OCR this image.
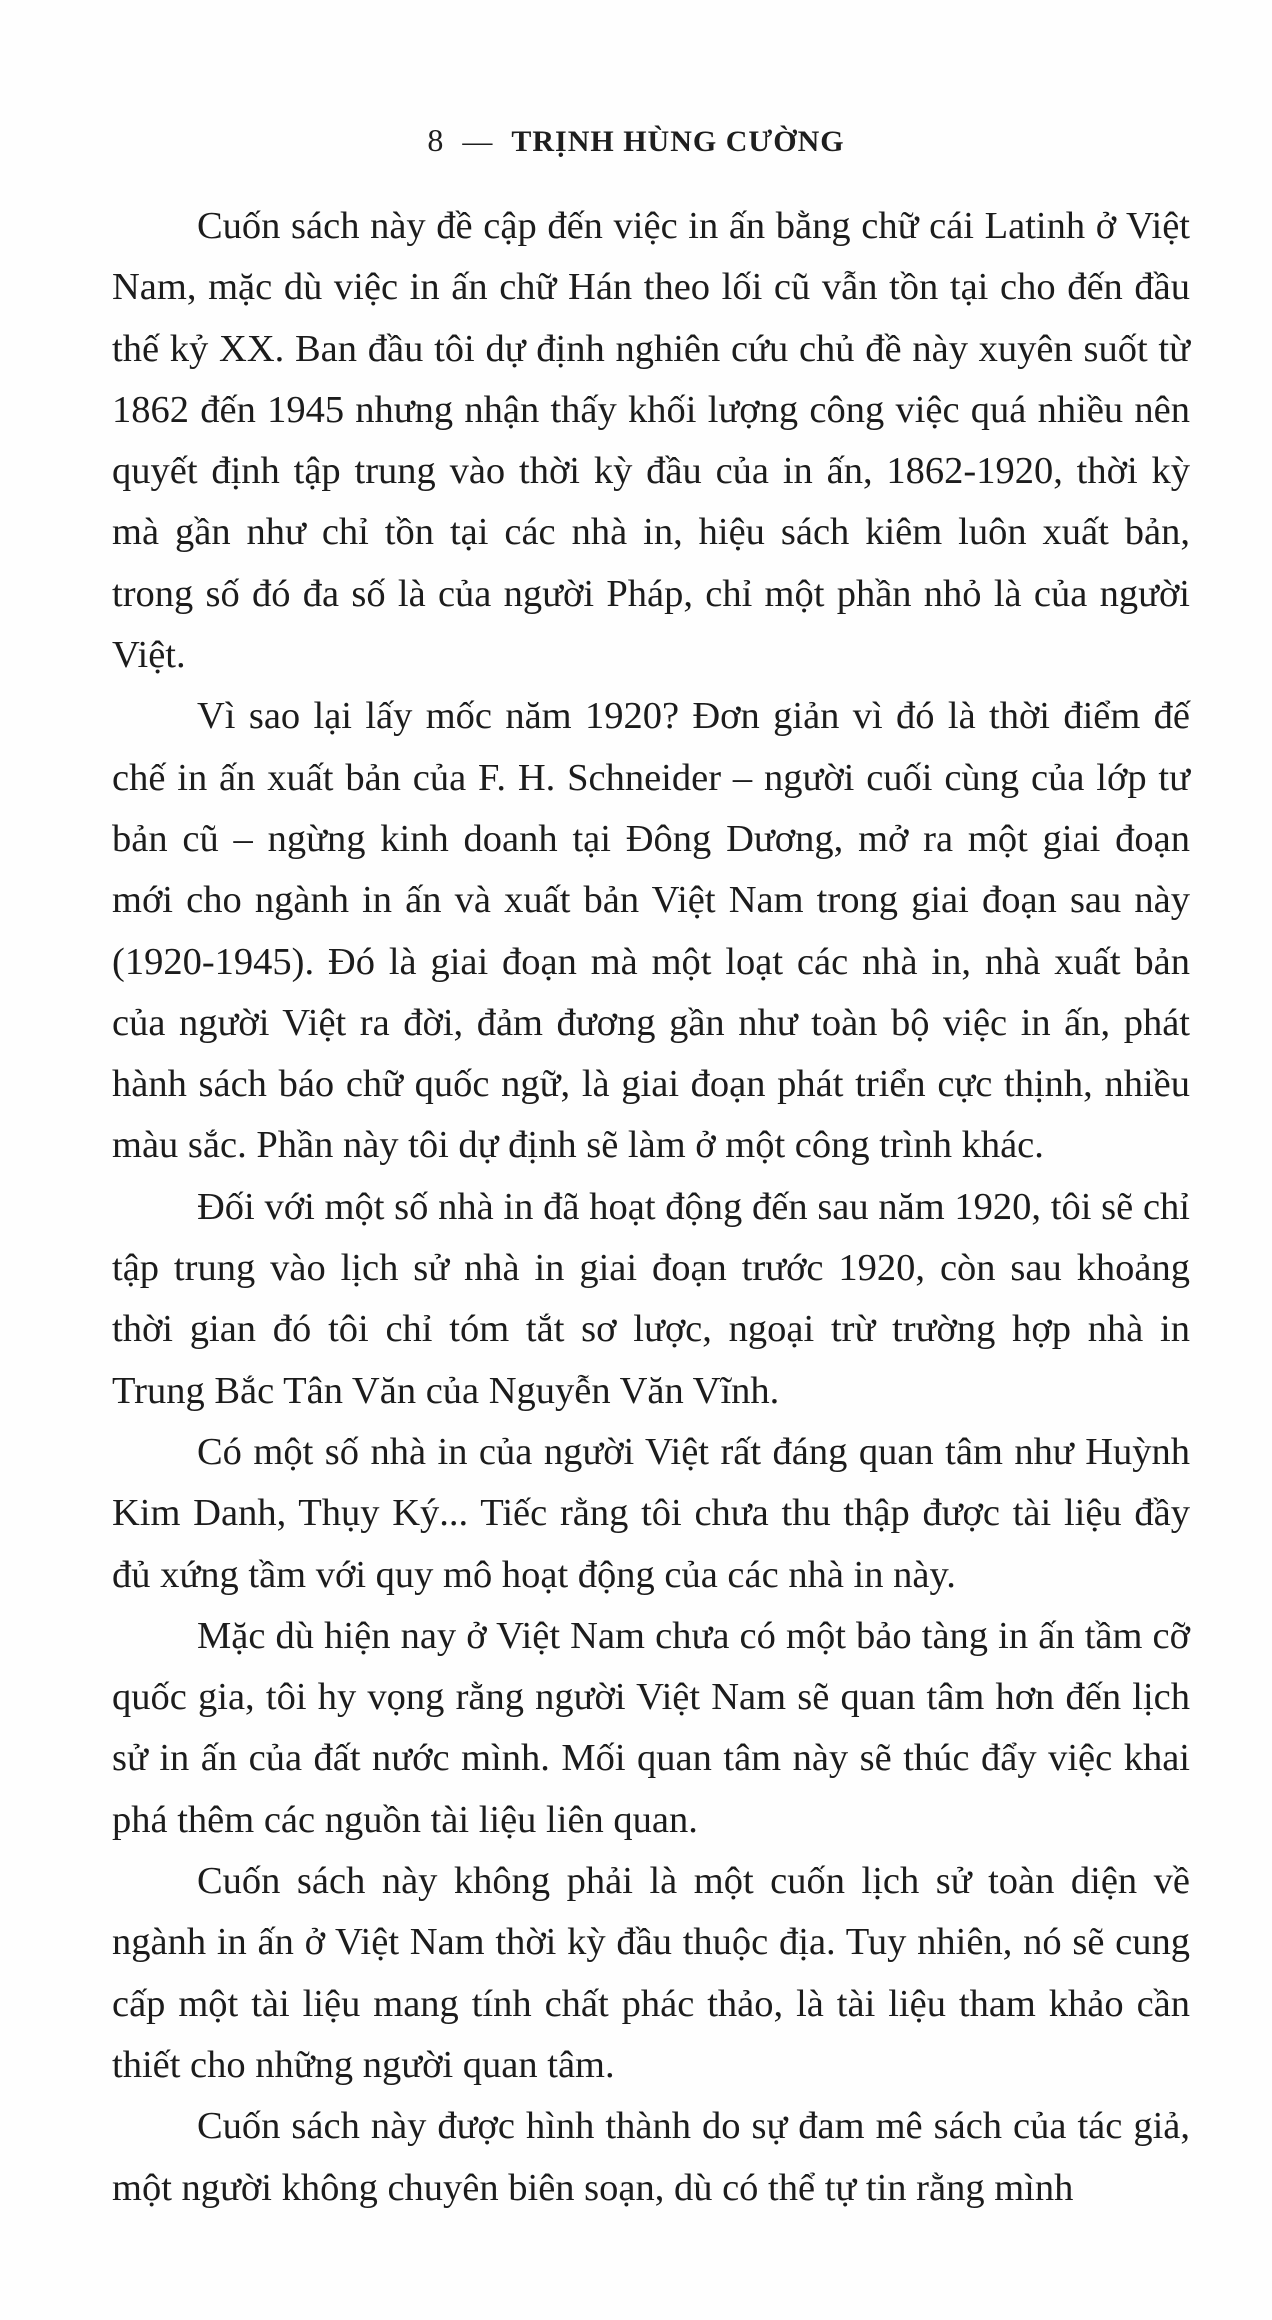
8 — TRỊNH HÙNG CƯỜNG

Cuốn sách này đề cập đến việc in ấn bằng chữ cái Latinh ở Việt Nam, mặc dù việc in ấn chữ Hán theo lối cũ vẫn tồn tại cho đến đầu thế kỷ XX. Ban đầu tôi dự định nghiên cứu chủ đề này xuyên suốt từ 1862 đến 1945 nhưng nhận thấy khối lượng công việc quá nhiều nên quyết định tập trung vào thời kỳ đầu của in ấn, 1862-1920, thời kỳ mà gần như chỉ tồn tại các nhà in, hiệu sách kiêm luôn xuất bản, trong số đó đa số là của người Pháp, chỉ một phần nhỏ là của người Việt.

Vì sao lại lấy mốc năm 1920? Đơn giản vì đó là thời điểm đế chế in ấn xuất bản của F. H. Schneider – người cuối cùng của lớp tư bản cũ – ngừng kinh doanh tại Đông Dương, mở ra một giai đoạn mới cho ngành in ấn và xuất bản Việt Nam trong giai đoạn sau này (1920-1945). Đó là giai đoạn mà một loạt các nhà in, nhà xuất bản của người Việt ra đời, đảm đương gần như toàn bộ việc in ấn, phát hành sách báo chữ quốc ngữ, là giai đoạn phát triển cực thịnh, nhiều màu sắc. Phần này tôi dự định sẽ làm ở một công trình khác.

Đối với một số nhà in đã hoạt động đến sau năm 1920, tôi sẽ chỉ tập trung vào lịch sử nhà in giai đoạn trước 1920, còn sau khoảng thời gian đó tôi chỉ tóm tắt sơ lược, ngoại trừ trường hợp nhà in Trung Bắc Tân Văn của Nguyễn Văn Vĩnh.

Có một số nhà in của người Việt rất đáng quan tâm như Huỳnh Kim Danh, Thụy Ký... Tiếc rằng tôi chưa thu thập được tài liệu đầy đủ xứng tầm với quy mô hoạt động của các nhà in này.

Mặc dù hiện nay ở Việt Nam chưa có một bảo tàng in ấn tầm cỡ quốc gia, tôi hy vọng rằng người Việt Nam sẽ quan tâm hơn đến lịch sử in ấn của đất nước mình. Mối quan tâm này sẽ thúc đẩy việc khai phá thêm các nguồn tài liệu liên quan.

Cuốn sách này không phải là một cuốn lịch sử toàn diện về ngành in ấn ở Việt Nam thời kỳ đầu thuộc địa. Tuy nhiên, nó sẽ cung cấp một tài liệu mang tính chất phác thảo, là tài liệu tham khảo cần thiết cho những người quan tâm.

Cuốn sách này được hình thành do sự đam mê sách của tác giả, một người không chuyên biên soạn, dù có thể tự tin rằng mình
